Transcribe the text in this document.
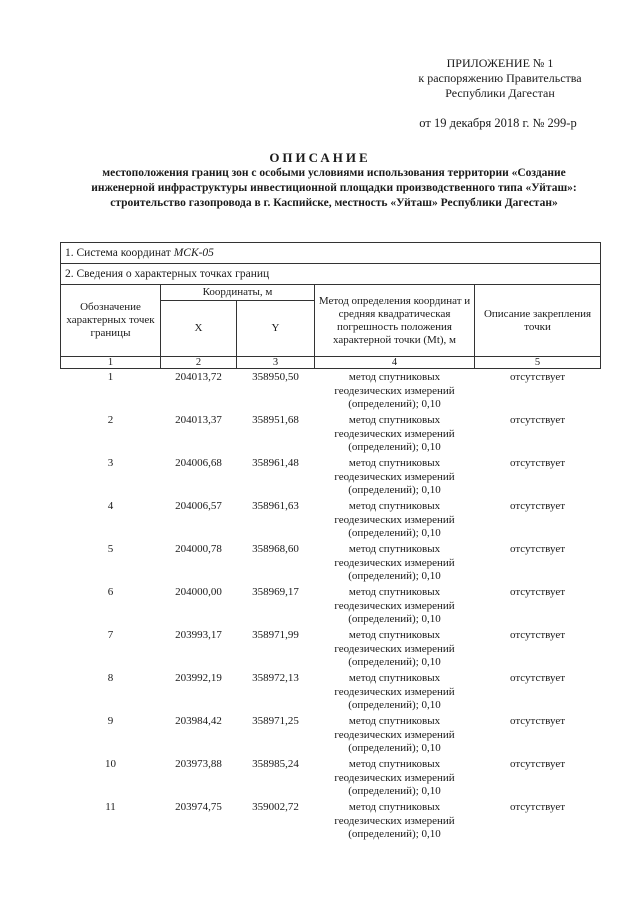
ПРИЛОЖЕНИЕ № 1
к распоряжению Правительства
Республики Дагестан
от 19 декабря 2018 г. № 299-р
ОПИСАНИЕ
местоположения границ зон с особыми условиями использования территории «Создание инженерной инфраструктуры инвестиционной площадки производственного типа «Уйташ»: строительство газопровода в г. Каспийске, местность «Уйташ» Республики Дагестан»
1. Система координат МСК-05				
2. Сведения о характерных точках границ				
Обозначение характерных точек границы	Координаты, м		Метод определения координат и средняя квадратическая погрешность положения характерной точки (Мt), м	Описание закрепления точки
	X	Y		
1	2	3	4	5

1	204013,72	358950,50	метод спутниковых
геодезических измерений
(определений); 0,10	отсутствует

2	204013,37	358951,68	метод спутниковых
геодезических измерений
(определений); 0,10	отсутствует

3	204006,68	358961,48	метод спутниковых
геодезических измерений
(определений); 0,10	отсутствует

4	204006,57	358961,63	метод спутниковых
геодезических измерений
(определений); 0,10	отсутствует

5	204000,78	358968,60	метод спутниковых
геодезических измерений
(определений); 0,10	отсутствует

6	204000,00	358969,17	метод спутниковых
геодезических измерений
(определений); 0,10	отсутствует

7	203993,17	358971,99	метод спутниковых
геодезических измерений
(определений); 0,10	отсутствует

8	203992,19	358972,13	метод спутниковых
геодезических измерений
(определений); 0,10	отсутствует

9	203984,42	358971,25	метод спутниковых
геодезических измерений
(определений); 0,10	отсутствует

10	203973,88	358985,24	метод спутниковых
геодезических измерений
(определений); 0,10	отсутствует

11	203974,75	359002,72	метод спутниковых
геодезических измерений
(определений); 0,10	отсутствует
